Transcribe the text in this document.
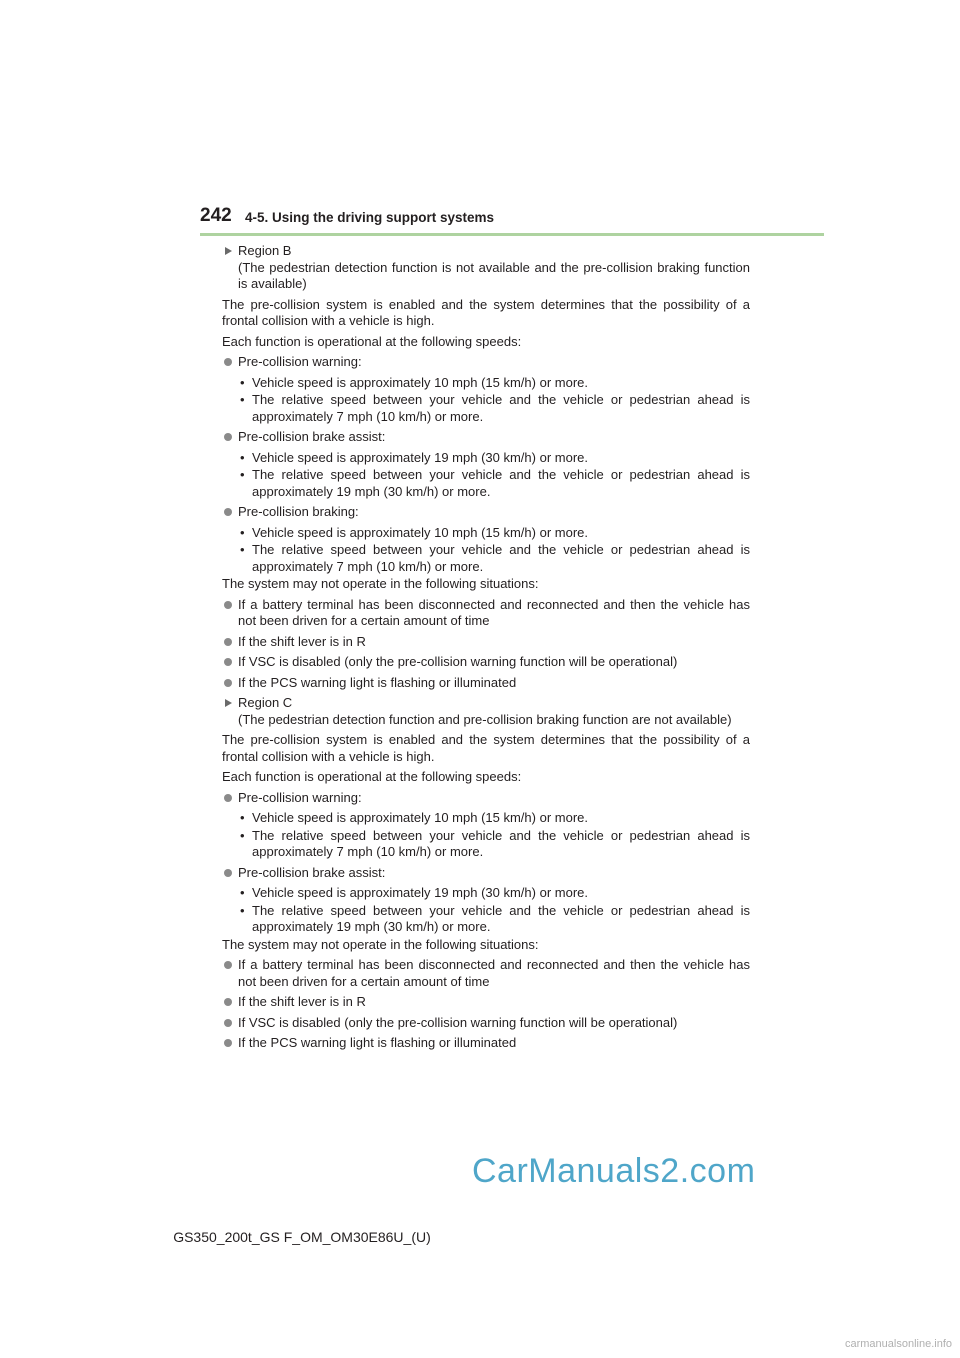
242 4-5. Using the driving support systems
Region B
(The pedestrian detection function is not available and the pre-collision braking function is available)

The pre-collision system is enabled and the system determines that the possibility of a frontal collision with a vehicle is high.

Each function is operational at the following speeds:

Pre-collision warning:
• Vehicle speed is approximately 10 mph (15 km/h) or more.
• The relative speed between your vehicle and the vehicle or pedestrian ahead is approximately 7 mph (10 km/h) or more.
Pre-collision brake assist:
• Vehicle speed is approximately 19 mph (30 km/h) or more.
• The relative speed between your vehicle and the vehicle or pedestrian ahead is approximately 19 mph (30 km/h) or more.
Pre-collision braking:
• Vehicle speed is approximately 10 mph (15 km/h) or more.
• The relative speed between your vehicle and the vehicle or pedestrian ahead is approximately 7 mph (10 km/h) or more.

The system may not operate in the following situations:

If a battery terminal has been disconnected and reconnected and then the vehicle has not been driven for a certain amount of time
If the shift lever is in R
If VSC is disabled (only the pre-collision warning function will be operational)
If the PCS warning light is flashing or illuminated
Region C
(The pedestrian detection function and pre-collision braking function are not available)

The pre-collision system is enabled and the system determines that the possibility of a frontal collision with a vehicle is high.

Each function is operational at the following speeds:

Pre-collision warning:
• Vehicle speed is approximately 10 mph (15 km/h) or more.
• The relative speed between your vehicle and the vehicle or pedestrian ahead is approximately 7 mph (10 km/h) or more.
Pre-collision brake assist:
• Vehicle speed is approximately 19 mph (30 km/h) or more.
• The relative speed between your vehicle and the vehicle or pedestrian ahead is approximately 19 mph (30 km/h) or more.

The system may not operate in the following situations:

If a battery terminal has been disconnected and reconnected and then the vehicle has not been driven for a certain amount of time
If the shift lever is in R
If VSC is disabled (only the pre-collision warning function will be operational)
If the PCS warning light is flashing or illuminated
CarManuals2.com
GS350_200t_GS F_OM_OM30E86U_(U)
carmanualsonline.info
